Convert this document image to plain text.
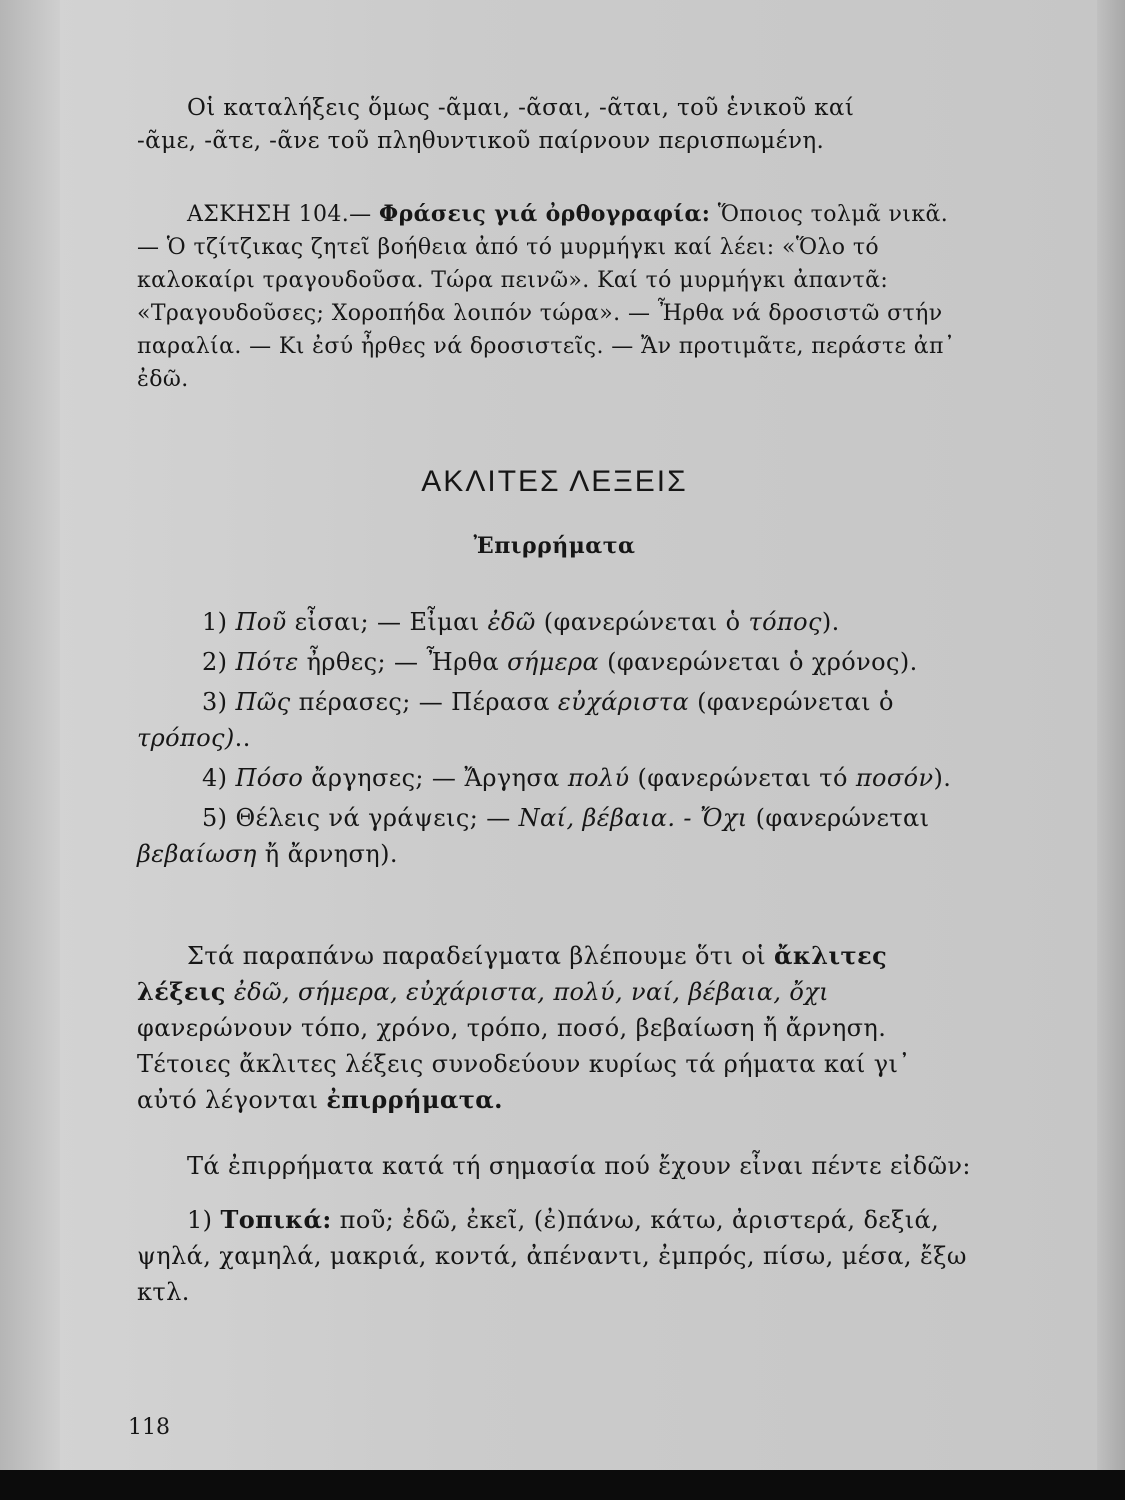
Οἱ καταλήξεις ὅμως -ᾶμαι, -ᾶσαι, -ᾶται, τοῦ ἑνικοῦ καί
-ᾶμε, -ᾶτε, -ᾶνε τοῦ πληθυντικοῦ παίρνουν περισπωμένη.

ΑΣΚΗΣΗ 104.— Φράσεις γιά ὀρθογραφία: Ὅποιος τολμᾶ νικᾶ. — Ὁ τζίτζικας ζητεῖ βοήθεια ἀπό τό μυρμήγκι καί λέει: «Ὅλο τό καλοκαίρι τραγουδοῦσα. Τώρα πεινῶ». Καί τό μυρμήγκι ἀπαντᾶ: «Τραγουδοῦσες; Χοροπήδα λοιπόν τώρα». — Ἦρθα νά δροσιστῶ στήν παραλία. — Κι ἐσύ ἦρθες νά δροσιστεῖς. — Ἄν προτιμᾶτε, περάστε ἀπ᾽ ἐδῶ.

ΑΚΛΙΤΕΣ ΛΕΞΕΙΣ
Ἐπιρρήματα

1) Ποῦ εἶσαι; — Εἶμαι ἐδῶ (φανερώνεται ὁ τόπος).

2) Πότε ἦρθες; — Ἦρθα σήμερα (φανερώνεται ὁ χρόνος).

3) Πῶς πέρασες; — Πέρασα εὐχάριστα (φανερώνεται ὁ τρόπος)..

4) Πόσο ἄργησες; — Ἄργησα πολύ (φανερώνεται τό ποσόν).

5) Θέλεις νά γράψεις; — Ναί, βέβαια. - Ὄχι (φανερώνεται βεβαίωση ἤ ἄρνηση).

Στά παραπάνω παραδείγματα βλέπουμε ὅτι οἱ ἄκλιτες λέξεις ἐδῶ, σήμερα, εὐχάριστα, πολύ, ναί, βέβαια, ὄχι φανερώνουν τόπο, χρόνο, τρόπο, ποσό, βεβαίωση ἤ ἄρνηση. Τέτοιες ἄκλιτες λέξεις συνοδεύουν κυρίως τά ρήματα καί γι᾽ αὐτό λέγονται ἐπιρρήματα.

Τά ἐπιρρήματα κατά τή σημασία πού ἔχουν εἶναι πέντε εἰδῶν:

1) Τοπικά: ποῦ; ἐδῶ, ἐκεῖ, (ἐ)πάνω, κάτω, ἀριστερά, δεξιά, ψηλά, χαμηλά, μακριά, κοντά, ἀπέναντι, ἐμπρός, πίσω, μέσα, ἔξω κτλ.

118
